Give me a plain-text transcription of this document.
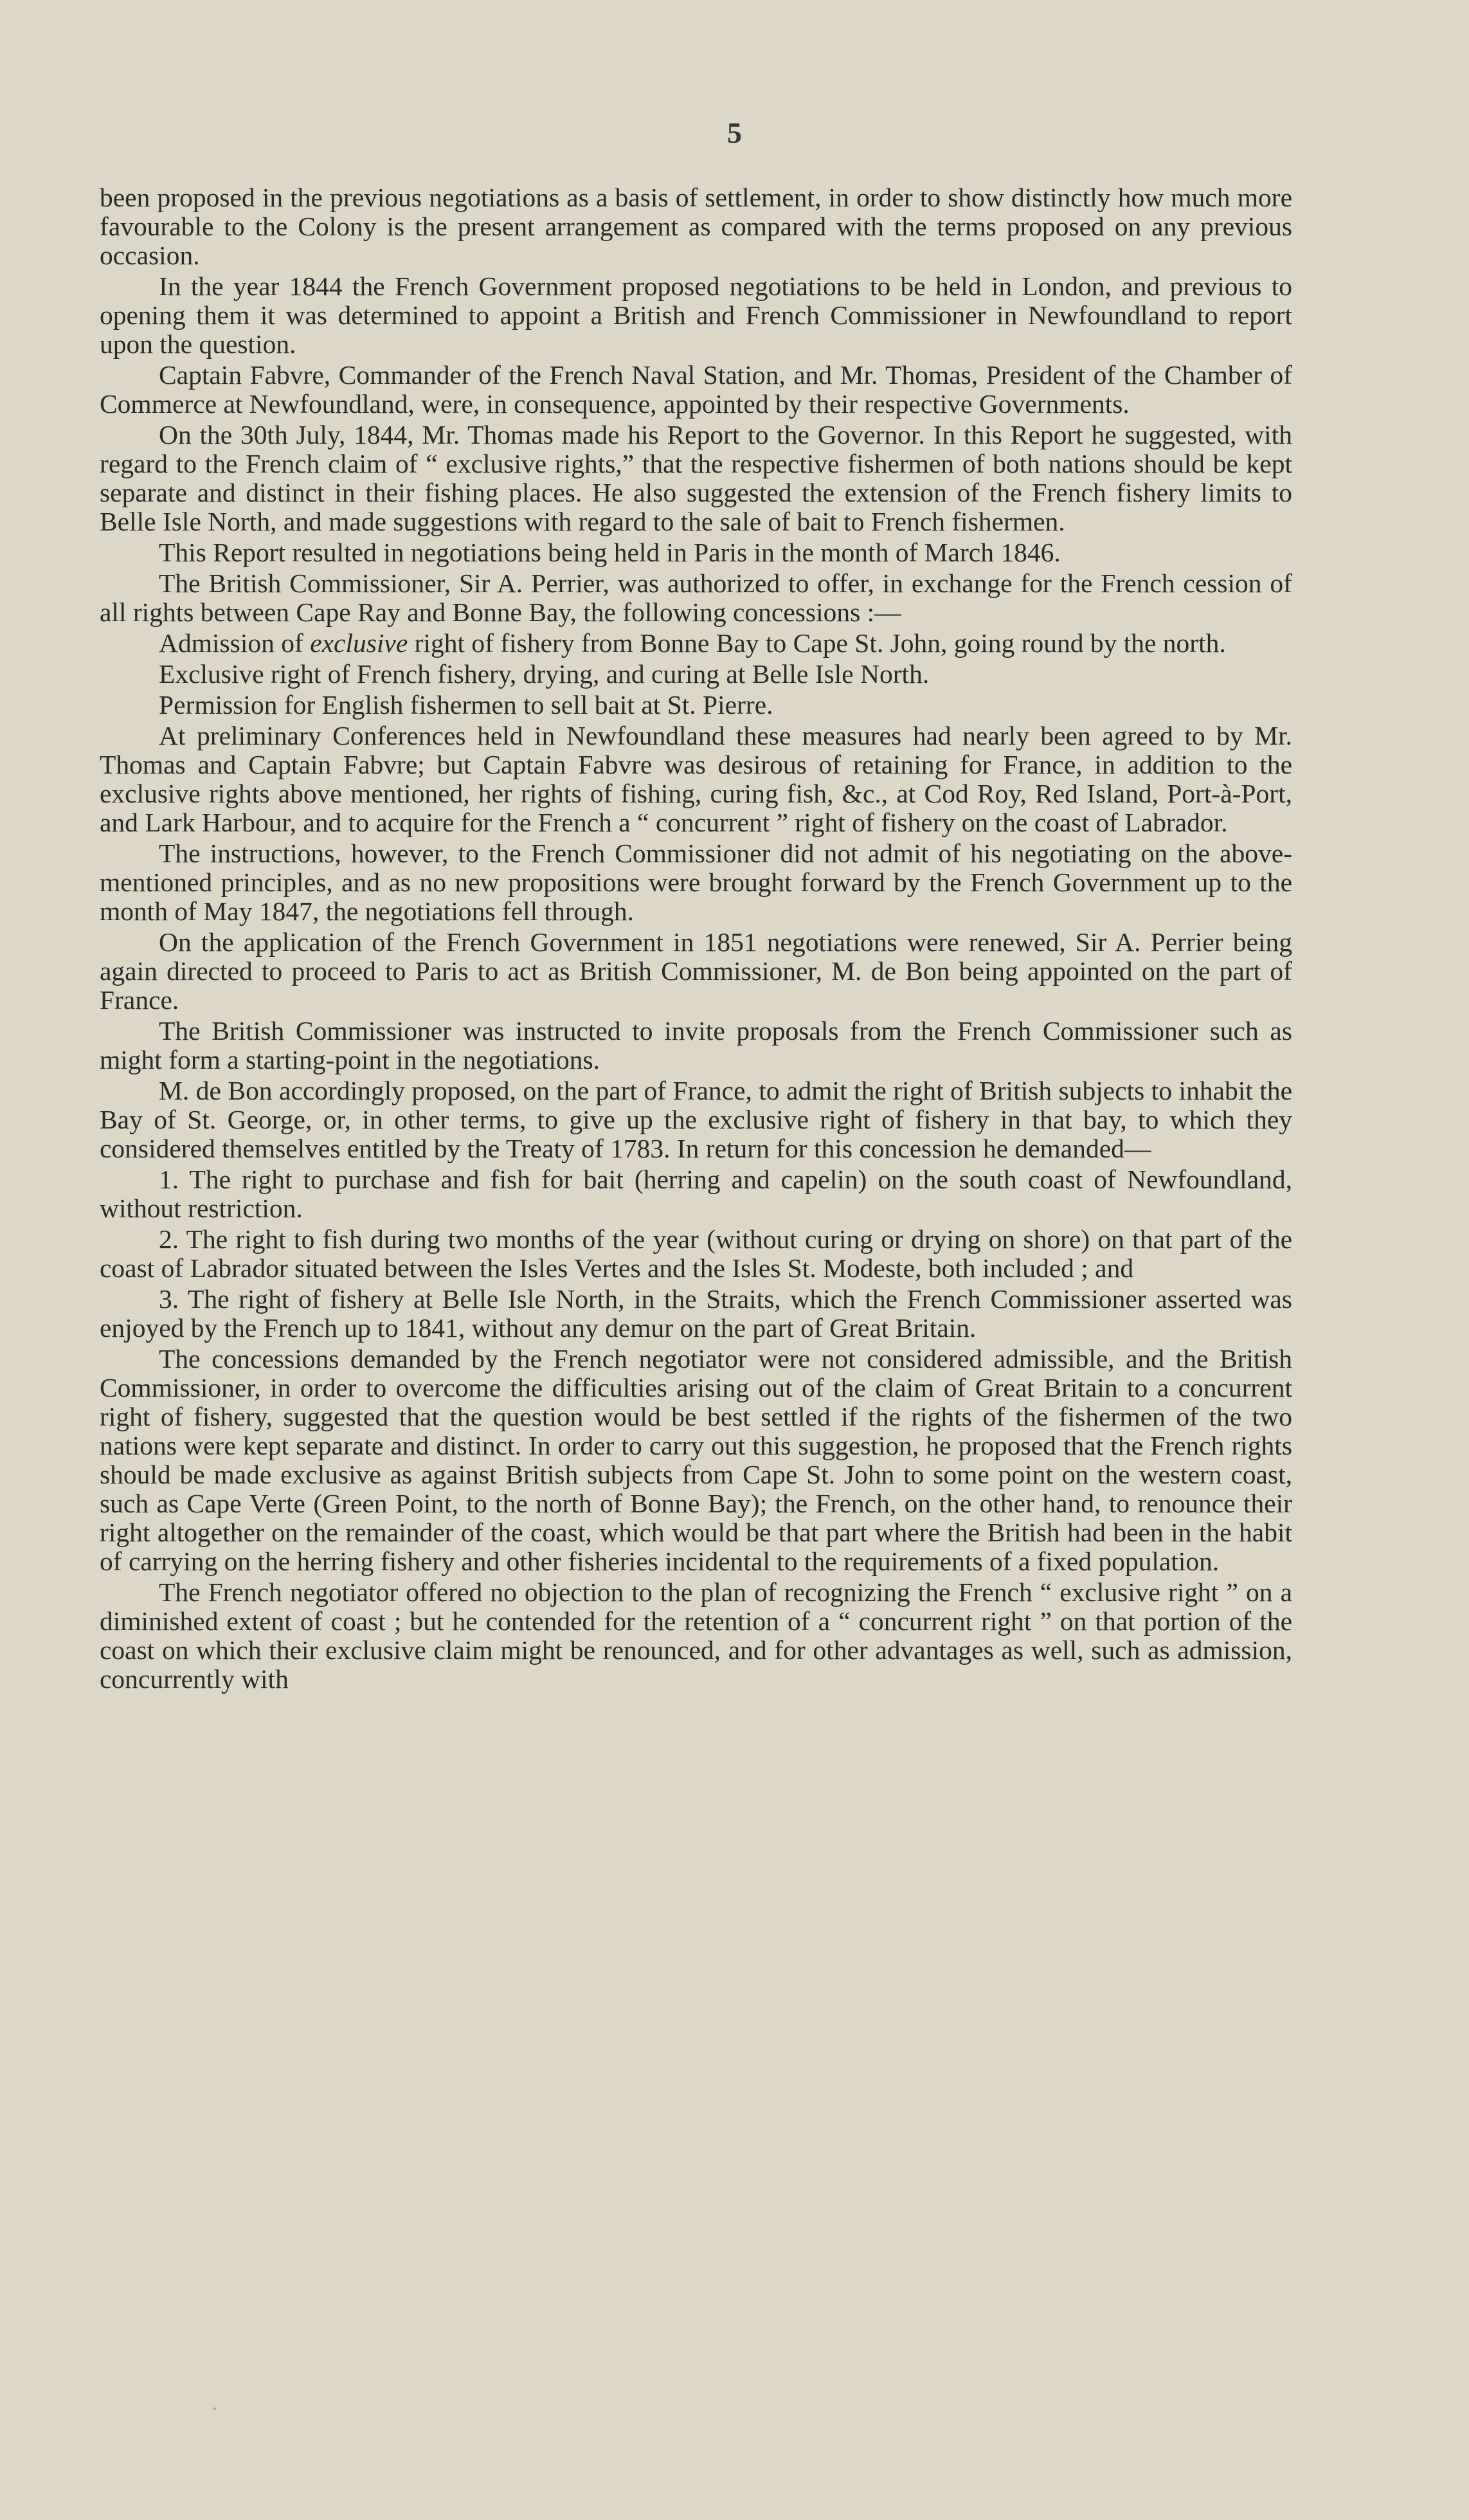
5

been proposed in the previous negotiations as a basis of settlement, in order to show distinctly how much more favourable to the Colony is the present arrangement as compared with the terms proposed on any previous occasion.

In the year 1844 the French Government proposed negotiations to be held in London, and previous to opening them it was determined to appoint a British and French Commissioner in Newfoundland to report upon the question.

Captain Fabvre, Commander of the French Naval Station, and Mr. Thomas, President of the Chamber of Commerce at Newfoundland, were, in consequence, appointed by their respective Governments.

On the 30th July, 1844, Mr. Thomas made his Report to the Governor. In this Report he suggested, with regard to the French claim of “ exclusive rights,” that the respective fishermen of both nations should be kept separate and distinct in their fishing places. He also suggested the extension of the French fishery limits to Belle Isle North, and made suggestions with regard to the sale of bait to French fishermen.

This Report resulted in negotiations being held in Paris in the month of March 1846.

The British Commissioner, Sir A. Perrier, was authorized to offer, in exchange for the French cession of all rights between Cape Ray and Bonne Bay, the following concessions :—

Admission of exclusive right of fishery from Bonne Bay to Cape St. John, going round by the north.

Exclusive right of French fishery, drying, and curing at Belle Isle North.

Permission for English fishermen to sell bait at St. Pierre.

At preliminary Conferences held in Newfoundland these measures had nearly been agreed to by Mr. Thomas and Captain Fabvre; but Captain Fabvre was desirous of retaining for France, in addition to the exclusive rights above mentioned, her rights of fishing, curing fish, &c., at Cod Roy, Red Island, Port-à-Port, and Lark Harbour, and to acquire for the French a “ concurrent ” right of fishery on the coast of Labrador.

The instructions, however, to the French Commissioner did not admit of his negotiating on the above-mentioned principles, and as no new propositions were brought forward by the French Government up to the month of May 1847, the negotiations fell through.

On the application of the French Government in 1851 negotiations were renewed, Sir A. Perrier being again directed to proceed to Paris to act as British Commissioner, M. de Bon being appointed on the part of France.

The British Commissioner was instructed to invite proposals from the French Commissioner such as might form a starting-point in the negotiations.

M. de Bon accordingly proposed, on the part of France, to admit the right of British subjects to inhabit the Bay of St. George, or, in other terms, to give up the exclusive right of fishery in that bay, to which they considered themselves entitled by the Treaty of 1783. In return for this concession he demanded—

1. The right to purchase and fish for bait (herring and capelin) on the south coast of Newfoundland, without restriction.

2. The right to fish during two months of the year (without curing or drying on shore) on that part of the coast of Labrador situated between the Isles Vertes and the Isles St. Modeste, both included ; and

3. The right of fishery at Belle Isle North, in the Straits, which the French Commissioner asserted was enjoyed by the French up to 1841, without any demur on the part of Great Britain.

The concessions demanded by the French negotiator were not considered admissible, and the British Commissioner, in order to overcome the difficulties arising out of the claim of Great Britain to a concurrent right of fishery, suggested that the question would be best settled if the rights of the fishermen of the two nations were kept separate and distinct. In order to carry out this suggestion, he proposed that the French rights should be made exclusive as against British subjects from Cape St. John to some point on the western coast, such as Cape Verte (Green Point, to the north of Bonne Bay); the French, on the other hand, to renounce their right altogether on the remainder of the coast, which would be that part where the British had been in the habit of carrying on the herring fishery and other fisheries incidental to the requirements of a fixed population.

The French negotiator offered no objection to the plan of recognizing the French “ exclusive right ” on a diminished extent of coast ; but he contended for the retention of a “ concurrent right ” on that portion of the coast on which their exclusive claim might be renounced, and for other advantages as well, such as admission, concurrently with
